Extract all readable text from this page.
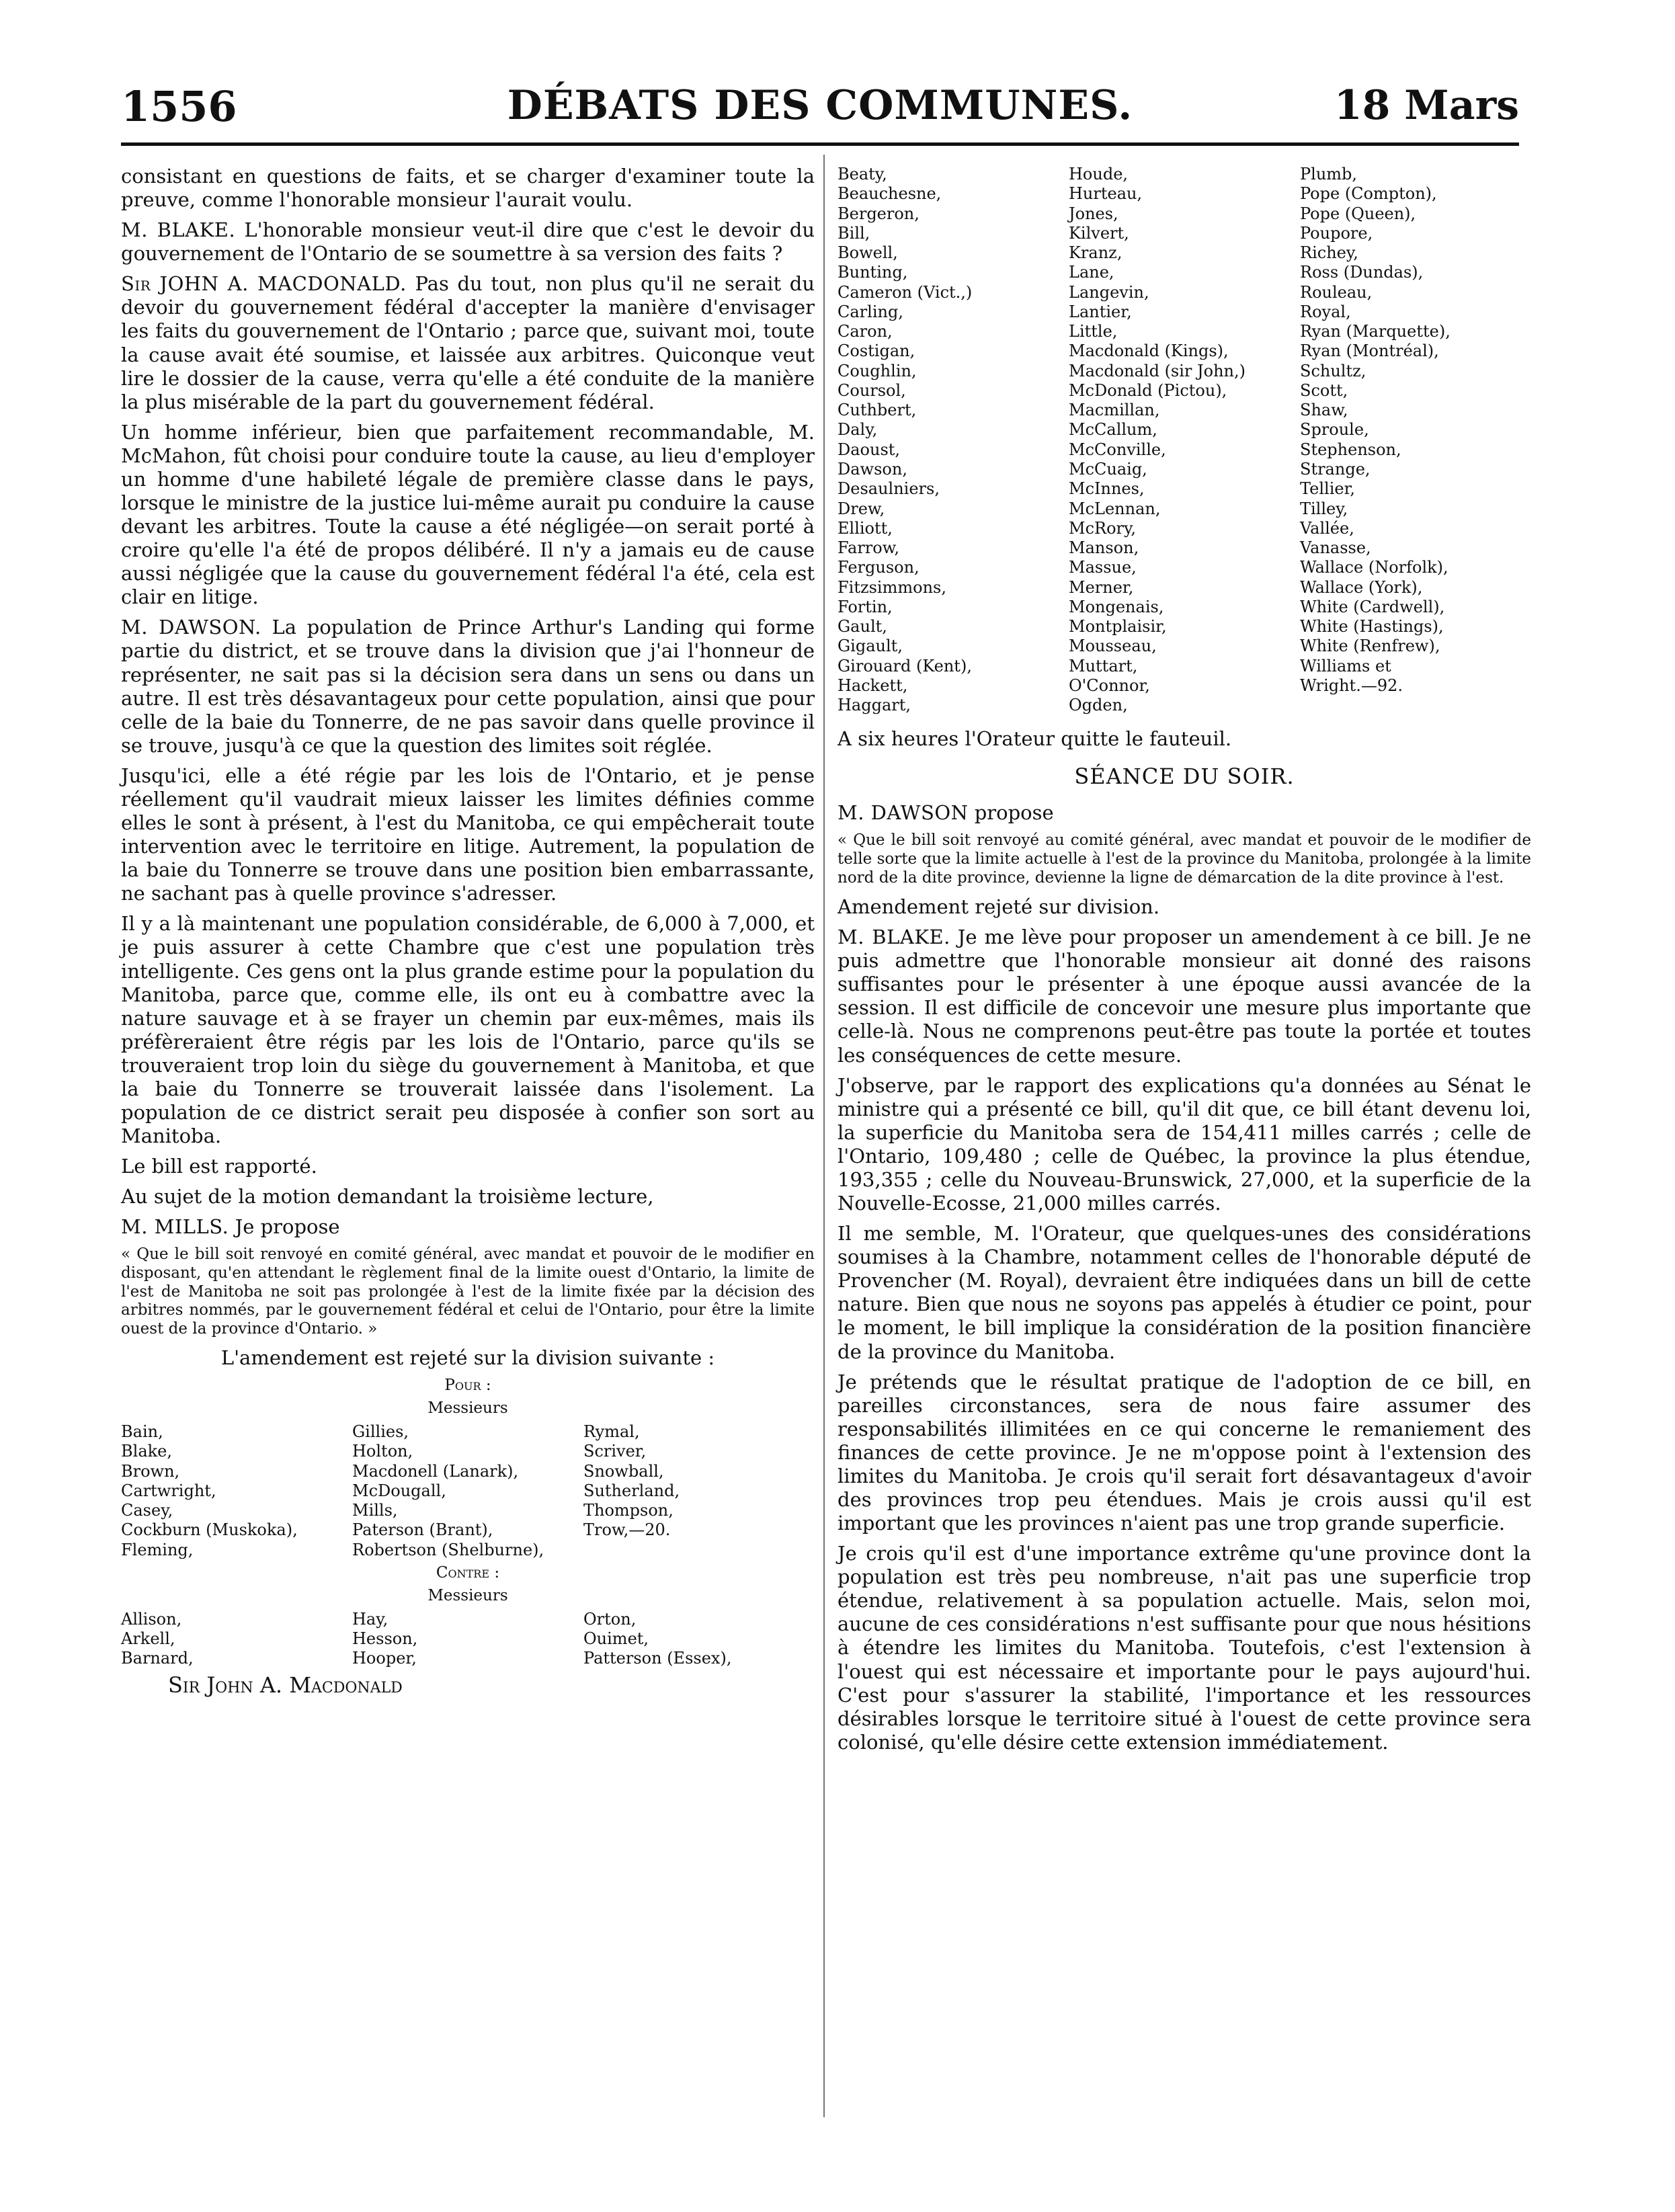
1556	DÉBATS DES COMMUNES.	18 Mars

consistant en questions de faits, et se charger d'examiner toute la preuve, comme l'honorable monsieur l'aurait voulu.

M. BLAKE. L'honorable monsieur veut-il dire que c'est le devoir du gouvernement de l'Ontario de se soumettre à sa version des faits ?

Sir JOHN A. MACDONALD. Pas du tout, non plus qu'il ne serait du devoir du gouvernement fédéral d'accepter la manière d'envisager les faits du gouvernement de l'Ontario ; parce que, suivant moi, toute la cause avait été soumise, et laissée aux arbitres. Quiconque veut lire le dossier de la cause, verra qu'elle a été conduite de la manière la plus misérable de la part du gouvernement fédéral.

Un homme inférieur, bien que parfaitement recommandable, M. McMahon, fût choisi pour conduire toute la cause, au lieu d'employer un homme d'une habileté légale de première classe dans le pays, lorsque le ministre de la justice lui-même aurait pu conduire la cause devant les arbitres. Toute la cause a été négligée—on serait porté à croire qu'elle l'a été de propos délibéré. Il n'y a jamais eu de cause aussi négligée que la cause du gouvernement fédéral l'a été, cela est clair en litige.

M. DAWSON. La population de Prince Arthur's Landing qui forme partie du district, et se trouve dans la division que j'ai l'honneur de représenter, ne sait pas si la décision sera dans un sens ou dans un autre. Il est très désavantageux pour cette population, ainsi que pour celle de la baie du Tonnerre, de ne pas savoir dans quelle province il se trouve, jusqu'à ce que la question des limites soit réglée.

Jusqu'ici, elle a été régie par les lois de l'Ontario, et je pense réellement qu'il vaudrait mieux laisser les limites définies comme elles le sont à présent, à l'est du Manitoba, ce qui empêcherait toute intervention avec le territoire en litige. Autrement, la population de la baie du Tonnerre se trouve dans une position bien embarrassante, ne sachant pas à quelle province s'adresser.

Il y a là maintenant une population considérable, de 6,000 à 7,000, et je puis assurer à cette Chambre que c'est une population très intelligente. Ces gens ont la plus grande estime pour la population du Manitoba, parce que, comme elle, ils ont eu à combattre avec la nature sauvage et à se frayer un chemin par eux-mêmes, mais ils préfèreraient être régis par les lois de l'Ontario, parce qu'ils se trouveraient trop loin du siège du gouvernement à Manitoba, et que la baie du Tonnerre se trouverait laissée dans l'isolement. La population de ce district serait peu disposée à confier son sort au Manitoba.

Le bill est rapporté.

Au sujet de la motion demandant la troisième lecture,

M. MILLS. Je propose

« Que le bill soit renvoyé en comité général, avec mandat et pouvoir de le modifier en disposant, qu'en attendant le règlement final de la limite ouest d'Ontario, la limite de l'est de Manitoba ne soit pas prolongée à l'est de la limite fixée par la décision des arbitres nommés, par le gouvernement fédéral et celui de l'Ontario, pour être la limite ouest de la province d'Ontario. »

L'amendement est rejeté sur la division suivante :

Pour :
Messieurs
Bain,	Gillies,	Rymal,
Blake,	Holton,	Scriver,
Brown,	Macdonell (Lanark),	Snowball,
Cartwright,	McDougall,	Sutherland,
Casey,	Mills,	Thompson,
Cockburn (Muskoka),	Paterson (Brant),	Trow,—20.
Fleming,	Robertson (Shelburne),
Contre :
Messieurs
Allison,	Hay,	Orton,
Arkell,	Hesson,	Ouimet,
Barnard,	Hooper,	Patterson (Essex),
Sir John A. Macdonald
Beaty,	Houde,	Plumb,
Beauchesne,	Hurteau,	Pope (Compton),
Bergeron,	Jones,	Pope (Queen),
Bill,	Kilvert,	Poupore,
Bowell,	Kranz,	Richey,
Bunting,	Lane,	Ross (Dundas),
Cameron (Vict.,)	Langevin,	Rouleau,
Carling,	Lantier,	Royal,
Caron,	Little,	Ryan (Marquette),
Costigan,	Macdonald (Kings),	Ryan (Montréal),
Coughlin,	Macdonald (sir John,)	Schultz,
Coursol,	McDonald (Pictou),	Scott,
Cuthbert,	Macmillan,	Shaw,
Daly,	McCallum,	Sproule,
Daoust,	McConville,	Stephenson,
Dawson,	McCuaig,	Strange,
Desaulniers,	McInnes,	Tellier,
Drew,	McLennan,	Tilley,
Elliott,	McRory,	Vallée,
Farrow,	Manson,	Vanasse,
Ferguson,	Massue,	Wallace (Norfolk),
Fitzsimmons,	Merner,	Wallace (York),
Fortin,	Mongenais,	White (Cardwell),
Gault,	Montplaisir,	White (Hastings),
Gigault,	Mousseau,	White (Renfrew),
Girouard (Kent),	Muttart,	Williams et
Hackett,	O'Connor,	Wright.—92.
Haggart,	Ogden,

A six heures l'Orateur quitte le fauteuil.

SÉANCE DU SOIR.

M. DAWSON propose

« Que le bill soit renvoyé au comité général, avec mandat et pouvoir de le modifier de telle sorte que la limite actuelle à l'est de la province du Manitoba, prolongée à la limite nord de la dite province, devienne la ligne de démarcation de la dite province à l'est.

Amendement rejeté sur division.

M. BLAKE. Je me lève pour proposer un amendement à ce bill. Je ne puis admettre que l'honorable monsieur ait donné des raisons suffisantes pour le présenter à une époque aussi avancée de la session. Il est difficile de concevoir une mesure plus importante que celle-là. Nous ne comprenons peut-être pas toute la portée et toutes les conséquences de cette mesure.

J'observe, par le rapport des explications qu'a données au Sénat le ministre qui a présenté ce bill, qu'il dit que, ce bill étant devenu loi, la superficie du Manitoba sera de 154,411 milles carrés ; celle de l'Ontario, 109,480 ; celle de Québec, la province la plus étendue, 193,355 ; celle du Nouveau-Brunswick, 27,000, et la superficie de la Nouvelle-Ecosse, 21,000 milles carrés.

Il me semble, M. l'Orateur, que quelques-unes des considérations soumises à la Chambre, notamment celles de l'honorable député de Provencher (M. Royal), devraient être indiquées dans un bill de cette nature. Bien que nous ne soyons pas appelés à étudier ce point, pour le moment, le bill implique la considération de la position financière de la province du Manitoba.

Je prétends que le résultat pratique de l'adoption de ce bill, en pareilles circonstances, sera de nous faire assumer des responsabilités illimitées en ce qui concerne le remaniement des finances de cette province. Je ne m'oppose point à l'extension des limites du Manitoba. Je crois qu'il serait fort désavantageux d'avoir des provinces trop peu étendues. Mais je crois aussi qu'il est important que les provinces n'aient pas une trop grande superficie.

Je crois qu'il est d'une importance extrême qu'une province dont la population est très peu nombreuse, n'ait pas une superficie trop étendue, relativement à sa population actuelle. Mais, selon moi, aucune de ces considérations n'est suffisante pour que nous hésitions à étendre les limites du Manitoba. Toutefois, c'est l'extension à l'ouest qui est nécessaire et importante pour le pays aujourd'hui. C'est pour s'assurer la stabilité, l'importance et les ressources désirables lorsque le territoire situé à l'ouest de cette province sera colonisé, qu'elle désire cette extension immédiatement.
